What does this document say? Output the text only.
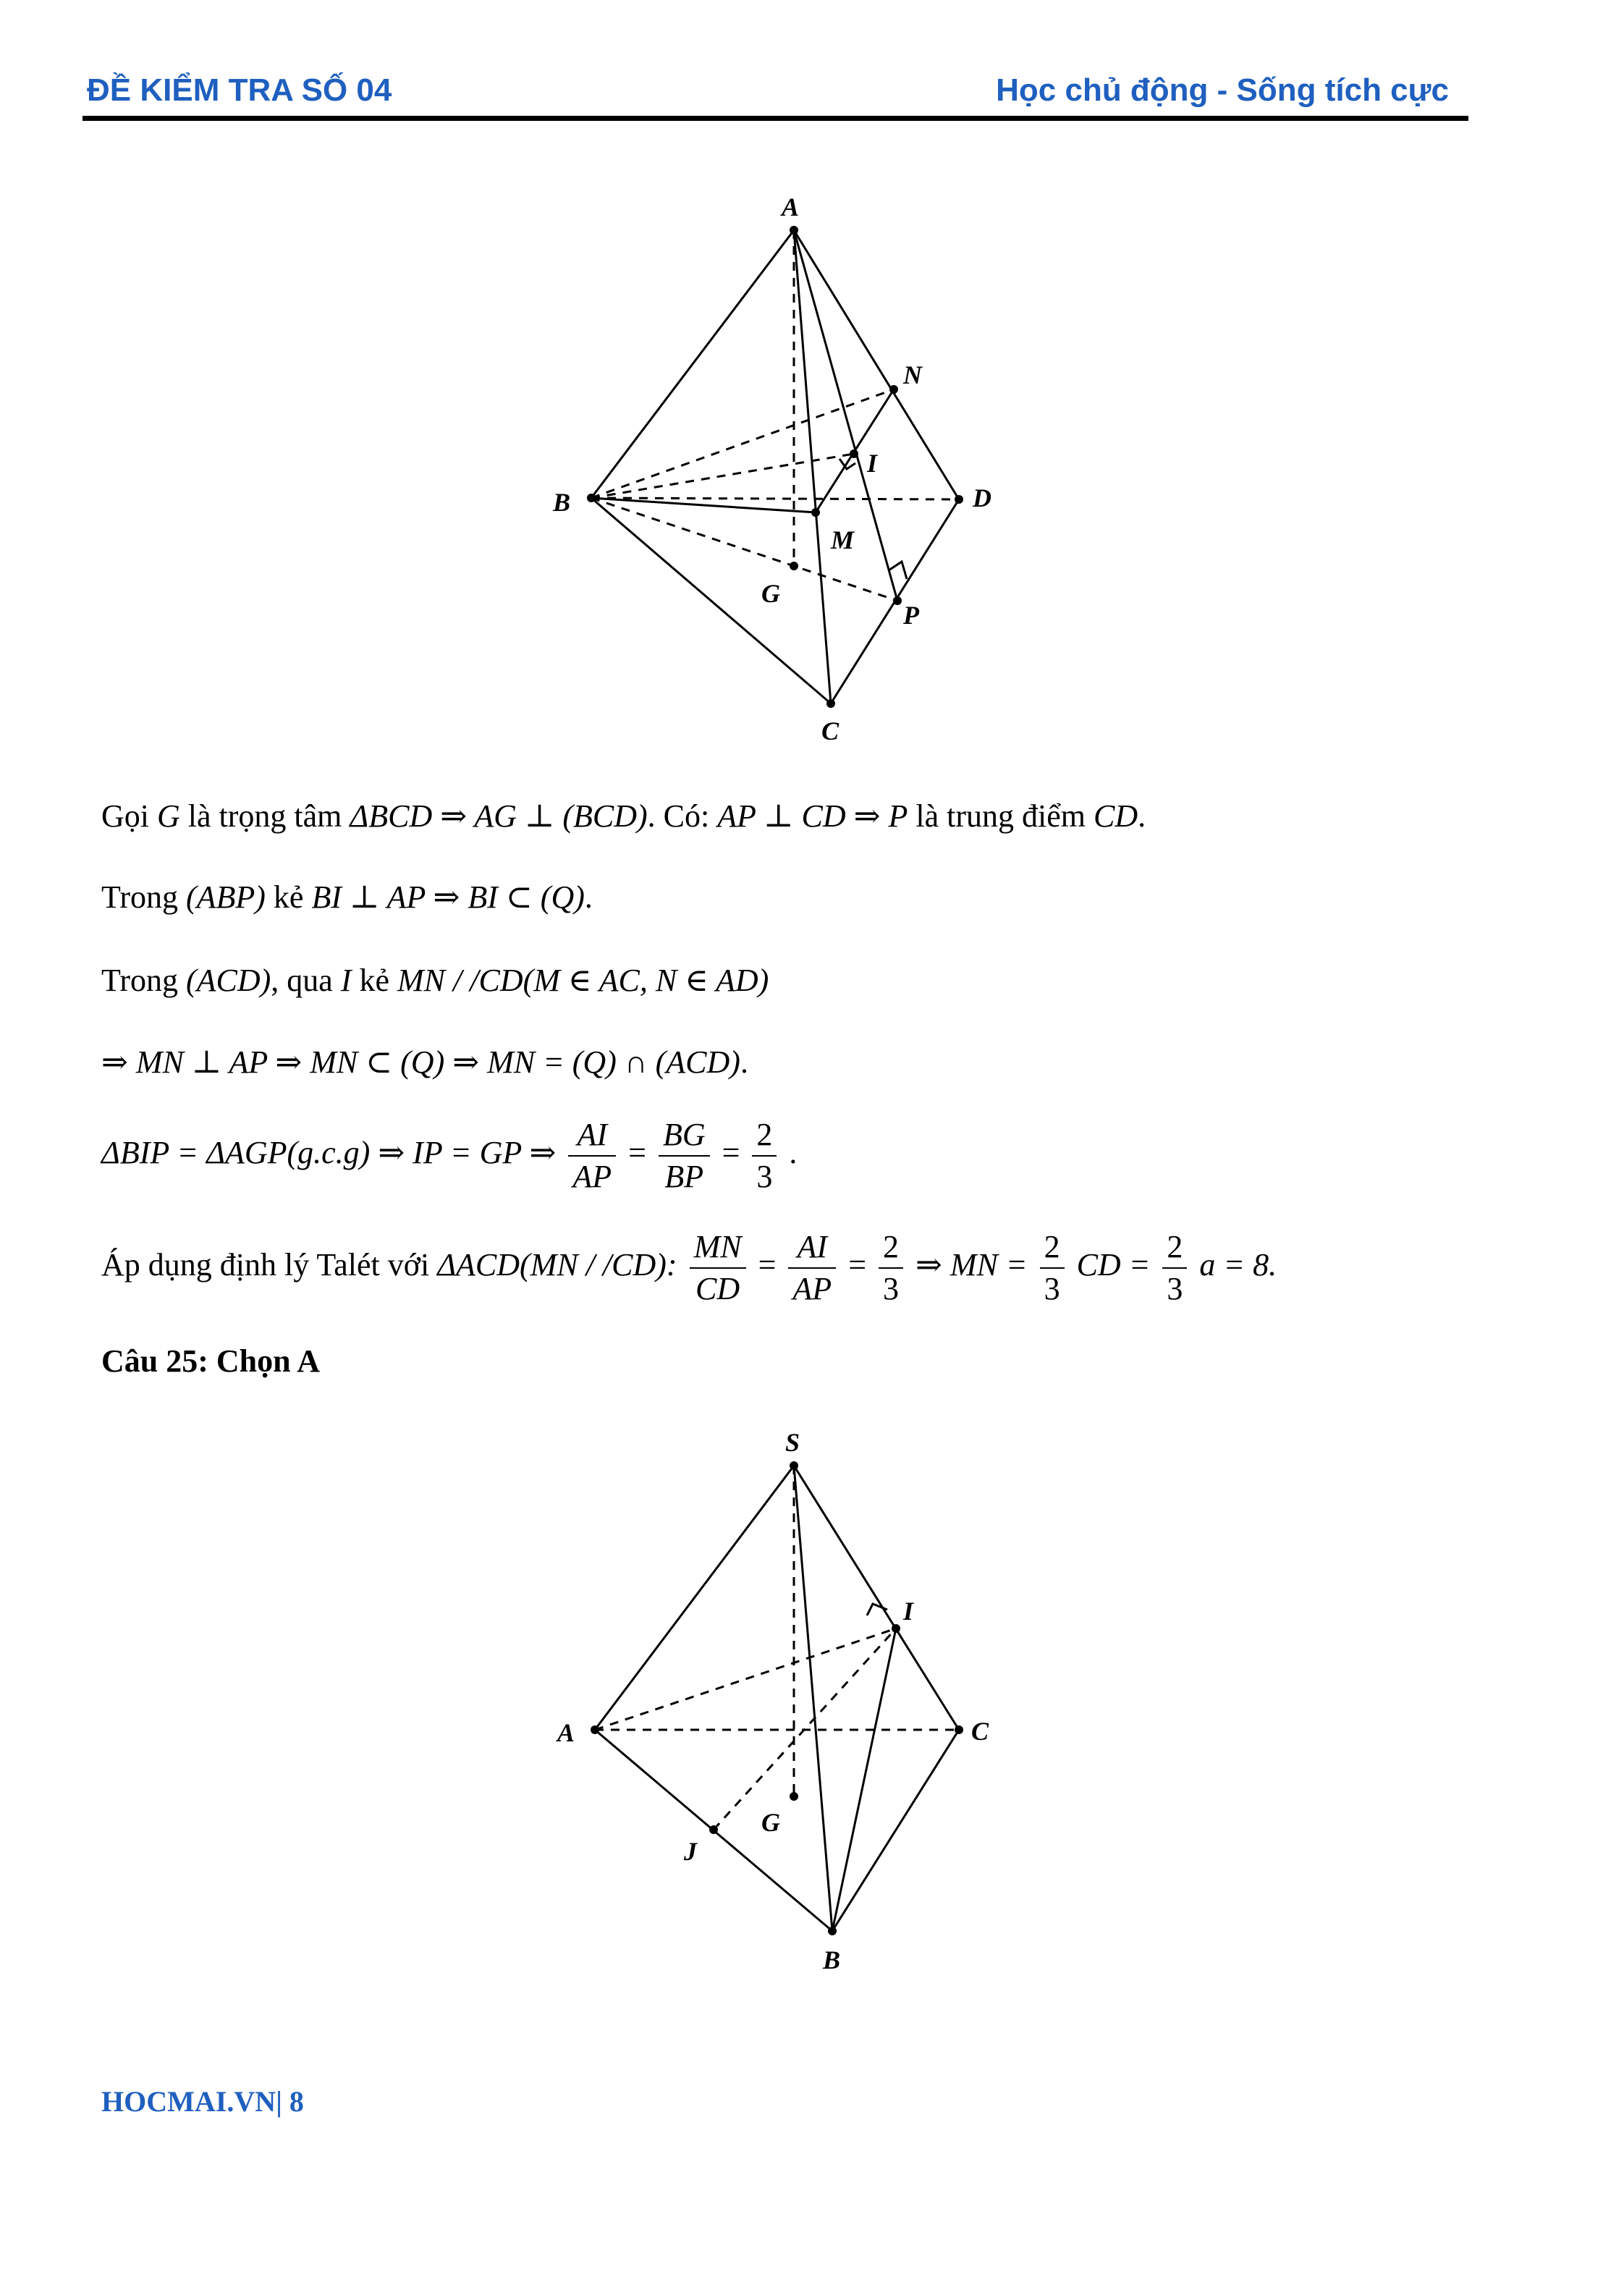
ĐỀ KIỂM TRA SỐ 04	Học chủ động - Sống tích cực
A
B
C
D
N
I
M
G
P
Gọi G là trọng tâm ΔBCD ⇒ AG ⊥ (BCD). Có: AP ⊥ CD ⇒ P là trung điểm CD.
Trong (ABP) kẻ BI ⊥ AP ⇒ BI ⊂ (Q).
Trong (ACD), qua I kẻ MN / /CD(M ∈ AC, N ∈ AD)
⇒ MN ⊥ AP ⇒ MN ⊂ (Q) ⇒ MN = (Q) ∩ (ACD).
ΔBIP = ΔAGP(g.c.g) ⇒ IP = GP ⇒ $\frac{AI}{AP} = \frac{BG}{BP} = \frac{2}{3}$ .
Áp dụng định lý Talét với ΔACD(MN / /CD): $\frac{MN}{CD} = \frac{AI}{AP} = \frac{2}{3}$ ⇒ MN = $\frac{2}{3}$ CD = $\frac{2}{3}$ a = 8.
Câu 25: Chọn A
S
I
A	C
G
J
B
HOCMAI.VN| 8
